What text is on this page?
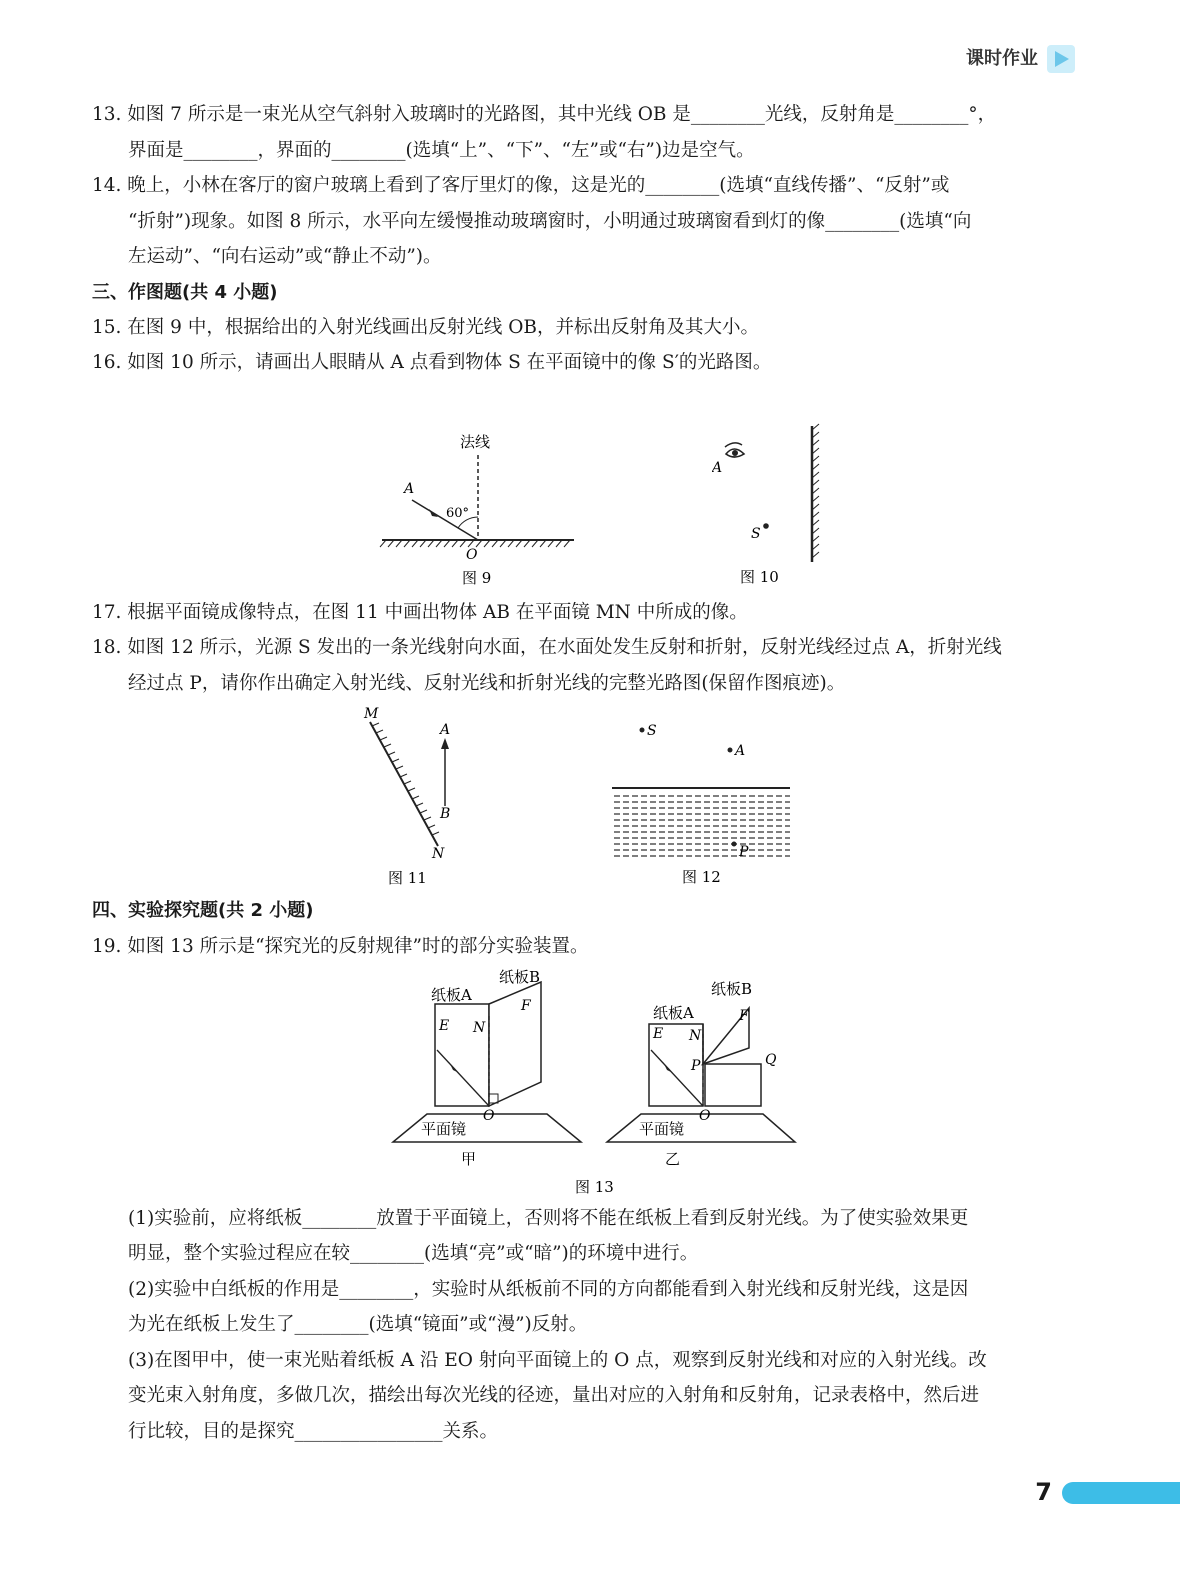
课时作业
13. 如图 7 所示是一束光从空气斜射入玻璃时的光路图，其中光线 OB 是________光线，反射角是________°，
界面是________，界面的________(选填“上”、“下”、“左”或“右”)边是空气。
14. 晚上，小林在客厅的窗户玻璃上看到了客厅里灯的像，这是光的________(选填“直线传播”、“反射”或
“折射”)现象。如图 8 所示，水平向左缓慢推动玻璃窗时，小明通过玻璃窗看到灯的像________(选填“向
左运动”、“向右运动”或“静止不动”)。
三、作图题(共 4 小题)
15. 在图 9 中，根据给出的入射光线画出反射光线 OB，并标出反射角及其大小。
16. 如图 10 所示，请画出人眼睛从 A 点看到物体 S 在平面镜中的像 S′的光路图。
法线
60°
A
O
图 9
A
S
图 10
17. 根据平面镜成像特点，在图 11 中画出物体 AB 在平面镜 MN 中所成的像。
18. 如图 12 所示，光源 S 发出的一条光线射向水面，在水面处发生反射和折射，反射光线经过点 A，折射光线
经过点 P，请你作出确定入射光线、反射光线和折射光线的完整光路图(保留作图痕迹)。
M
A
B
N
图 11
S
A
P
图 12
四、实验探究题(共 2 小题)
19. 如图 13 所示是“探究光的反射规律”时的部分实验装置。
纸板A
纸板B
E N
F
O
平面镜
甲
纸板A
纸板B
E N
F
P	Q
O
平面镜
乙
图 13
(1)实验前，应将纸板________放置于平面镜上，否则将不能在纸板上看到反射光线。为了使实验效果更
明显，整个实验过程应在较________(选填“亮”或“暗”)的环境中进行。
(2)实验中白纸板的作用是________，实验时从纸板前不同的方向都能看到入射光线和反射光线，这是因
为光在纸板上发生了________(选填“镜面”或“漫”)反射。
(3)在图甲中，使一束光贴着纸板 A 沿 EO 射向平面镜上的 O 点，观察到反射光线和对应的入射光线。改
变光束入射角度，多做几次，描绘出每次光线的径迹，量出对应的入射角和反射角，记录表格中，然后进
行比较，目的是探究________________关系。
7
